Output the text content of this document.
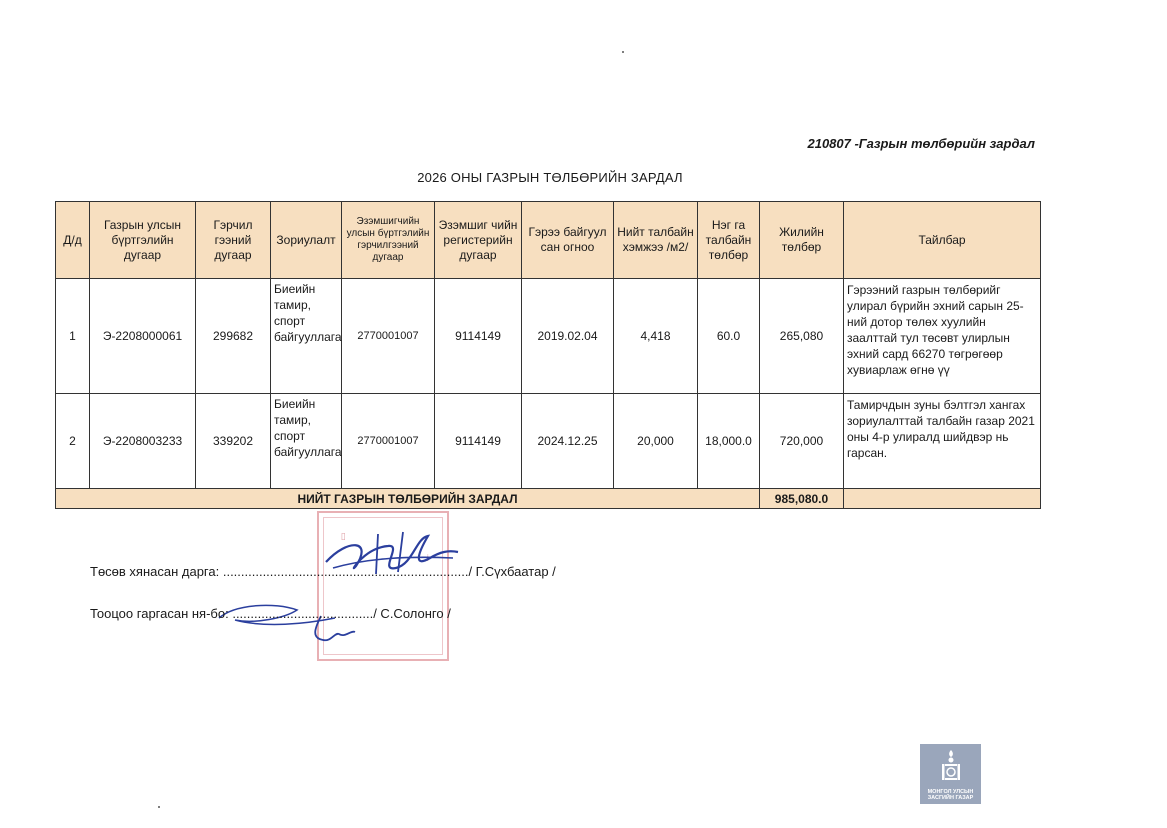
210807 -Газрын төлбөрийн зардал
2026 ОНЫ ГАЗРЫН ТӨЛБӨРИЙН ЗАРДАЛ
Д/д	Газрын улсын бүртгэлийн дугаар	Гэрчил гээний дугаар	Зориулалт	Эзэмшигчийн улсын бүртгэлийн гэрчилгээний дугаар	Эзэмшиг чийн регистерийн дугаар	Гэрээ байгуул сан огноо	Нийт талбайн хэмжээ /м2/	Нэг га талбайн төлбөр	Жилийн төлбөр	Тайлбар
1	Э-2208000061	299682	Биеийн тамир, спорт байгууллага	2770001007	9114149	2019.02.04	4,418	60.0	265,080	Гэрээний газрын төлбөрийг улирал бүрийн эхний сарын 25-ний дотор төлөх хуулийн заалттай тул төсөвт улирлын эхний сард 66270 төгрөгөөр хувиарлаж өгнө үү
2	Э-2208003233	339202	Биеийн тамир, спорт байгууллага	2770001007	9114149	2024.12.25	20,000	18,000.0	720,000	Тамирчдын зуны бэлтгэл хангах зориулалттай талбайн газар 2021 оны 4-р улиралд шийдвэр нь гарсан.
НИЙТ ГАЗРЫН ТӨЛБӨРИЙН ЗАРДАЛ									985,080.0	
▭
⁞
Төсөв хянасан дарга: ..................................................................../ Г.Сүхбаатар /
Тооцоо гаргасан ня-бо: ......................................./ С.Солонго /
МОНГОЛ УЛСЫН ЗАСГИЙН ГАЗАР
